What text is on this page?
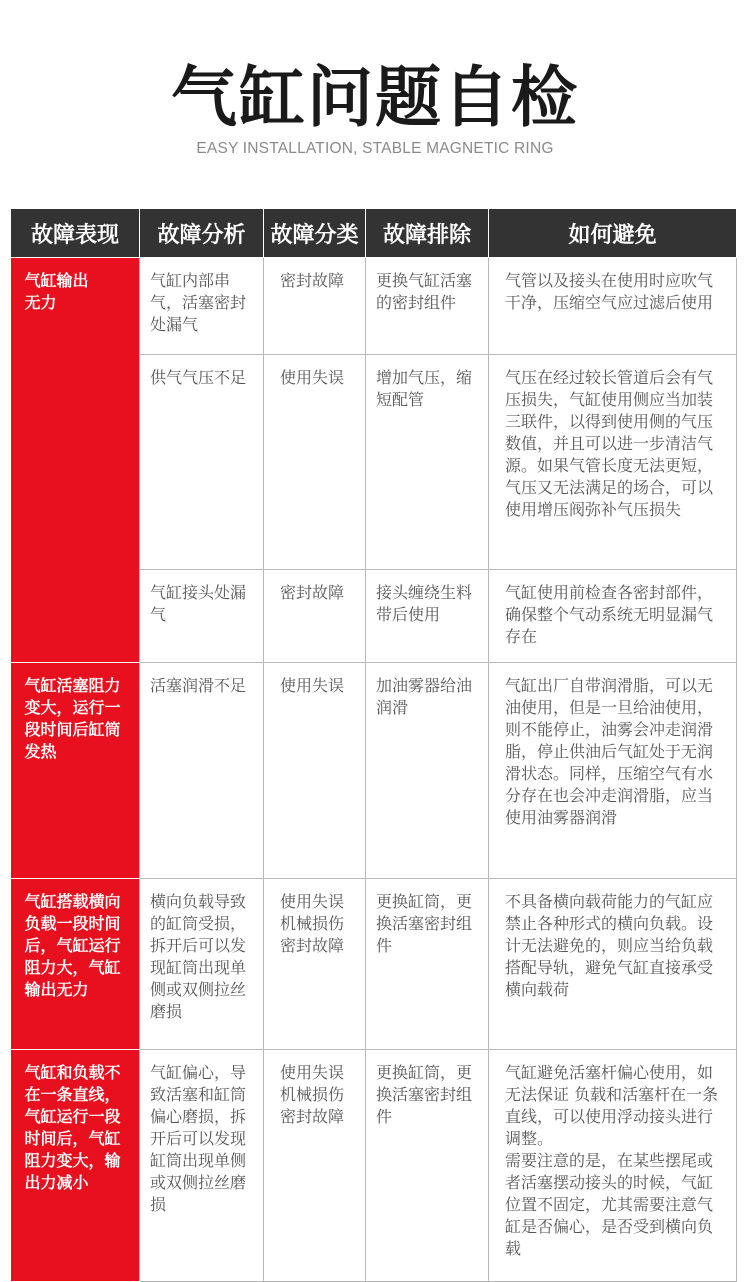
气缸问题自检
EASY INSTALLATION, STABLE MAGNETIC RING
故障表现	故障分析	故障分类	故障排除	如何避免
气缸输出
无力	气缸内部串气，活塞密封处漏气	密封故障	更换气缸活塞的密封组件	气管以及接头在使用时应吹气干净，压缩空气应过滤后使用
	供气气压不足	使用失误	增加气压，缩短配管	气压在经过较长管道后会有气压损失，气缸使用侧应当加装三联件，以得到使用侧的气压数值，并且可以进一步清洁气源。如果气管长度无法更短，气压又无法满足的场合，可以使用增压阀弥补气压损失
	气缸接头处漏气	密封故障	接头缠绕生料带后使用	气缸使用前检查各密封部件，确保整个气动系统无明显漏气存在
气缸活塞阻力变大，运行一段时间后缸筒发热	活塞润滑不足	使用失误	加油雾器给油润滑	气缸出厂自带润滑脂，可以无油使用，但是一旦给油使用，则不能停止，油雾会冲走润滑脂，停止供油后气缸处于无润滑状态。同样，压缩空气有水分存在也会冲走润滑脂，应当使用油雾器润滑
气缸搭载横向负载一段时间后，气缸运行阻力大，气缸输出无力	横向负载导致的缸筒受损，拆开后可以发现缸筒出现单侧或双侧拉丝磨损	使用失误机械损伤密封故障	更换缸筒，更换活塞密封组件	不具备横向载荷能力的气缸应禁止各种形式的横向负载。设计无法避免的，则应当给负载搭配导轨，避免气缸直接承受横向载荷
气缸和负载不在一条直线，气缸运行一段时间后，气缸阻力变大，输出力减小	气缸偏心，导致活塞和缸筒偏心磨损，拆开后可以发现缸筒出现单侧或双侧拉丝磨损	使用失误机械损伤密封故障	更换缸筒，更换活塞密封组件	气缸避免活塞杆偏心使用，如无法保证 负载和活塞杆在一条直线，可以使用浮动接头进行调整。
需要注意的是，在某些摆尾或者活塞摆动接头的时候，气缸位置不固定，尤其需要注意气缸是否偏心，是否受到横向负载
